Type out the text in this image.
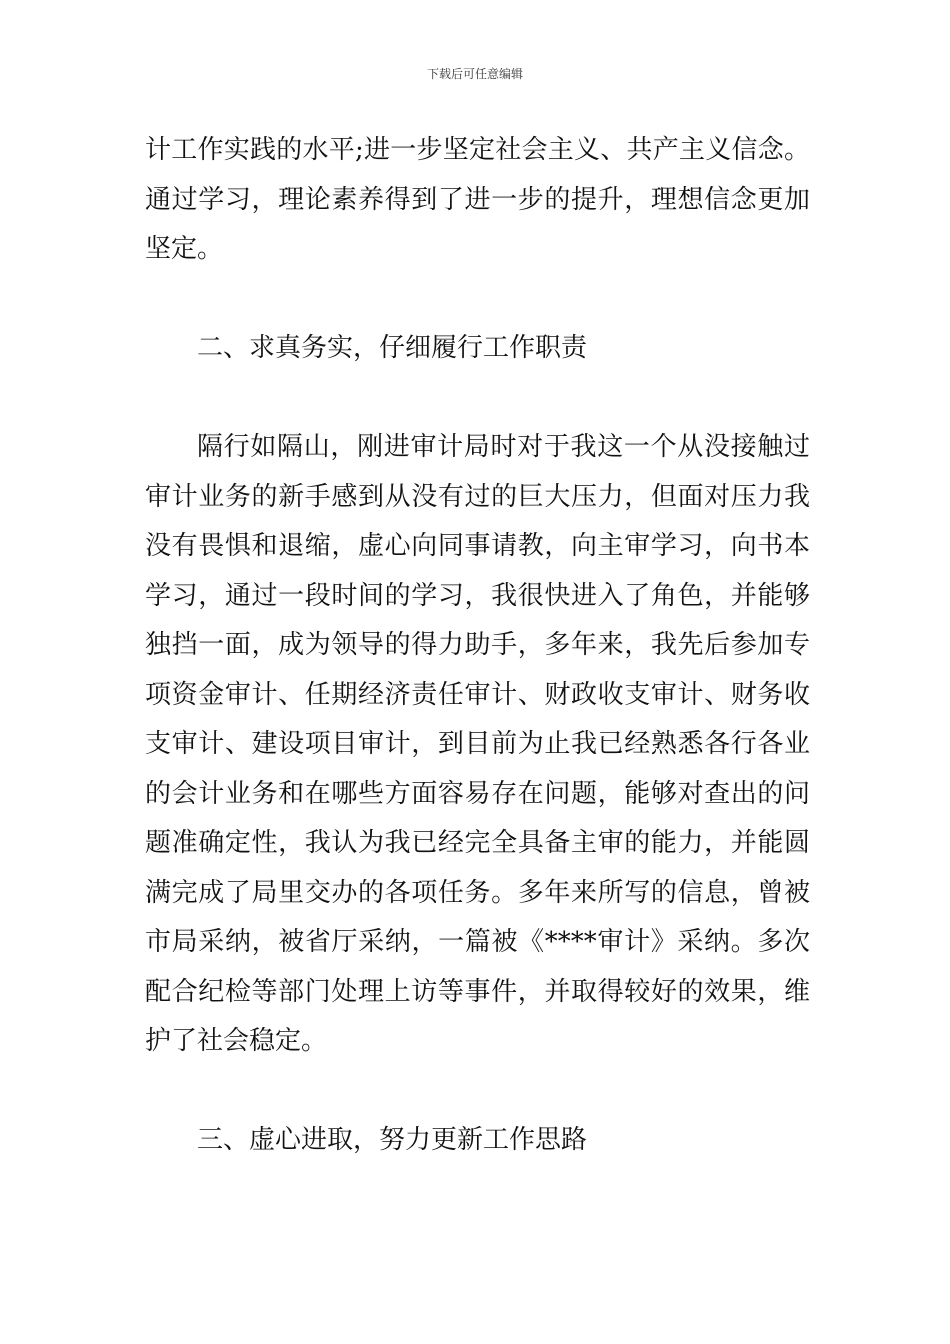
下载后可任意编辑

计工作实践的水平;进一步坚定社会主义、共产主义信念。通过学习，理论素养得到了进一步的提升，理想信念更加坚定。

二、求真务实，仔细履行工作职责

隔行如隔山，刚进审计局时对于我这一个从没接触过审计业务的新手感到从没有过的巨大压力，但面对压力我没有畏惧和退缩，虚心向同事请教，向主审学习，向书本学习，通过一段时间的学习，我很快进入了角色，并能够独挡一面，成为领导的得力助手，多年来，我先后参加专项资金审计、任期经济责任审计、财政收支审计、财务收支审计、建设项目审计，到目前为止我已经熟悉各行各业的会计业务和在哪些方面容易存在问题，能够对查出的问题准确定性，我认为我已经完全具备主审的能力，并能圆满完成了局里交办的各项任务。多年来所写的信息，曾被市局采纳，被省厅采纳，一篇被《****审计》采纳。多次配合纪检等部门处理上访等事件，并取得较好的效果，维护了社会稳定。

三、虚心进取，努力更新工作思路
